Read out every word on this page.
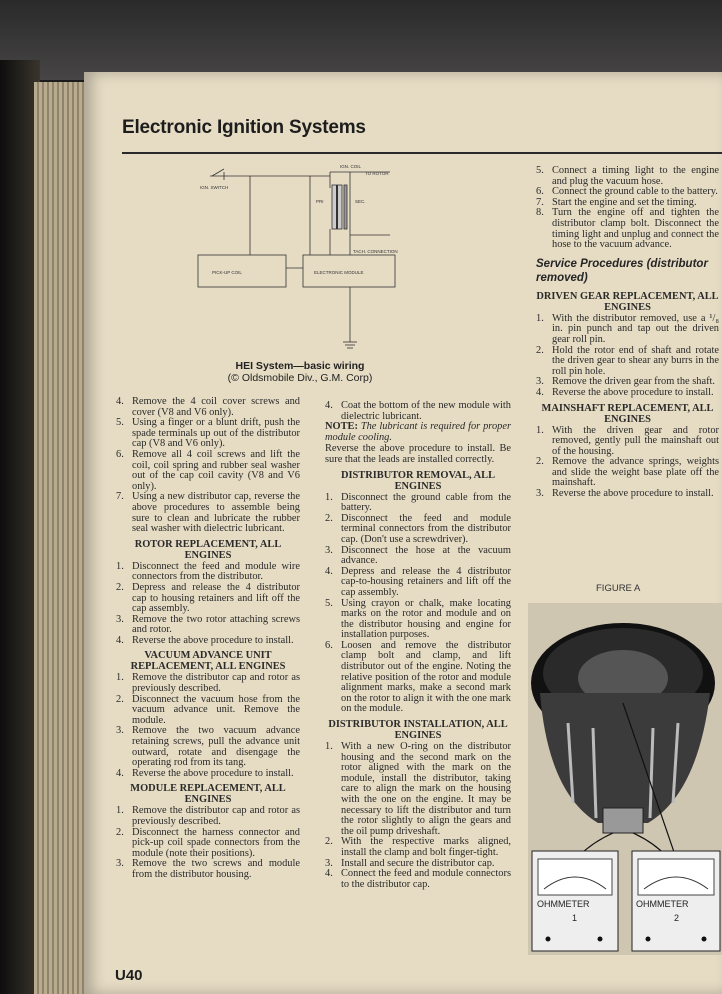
Electronic Ignition Systems
IGN. COIL
TO ROTOR
IGN. SWITCH
PRI	SEC.
TACH. CONNECTION
PICK-UP COIL	ELECTRONIC MODULE
HEI System—basic wiring
(© Oldsmobile Div., G.M. Corp)
4. Remove the 4 coil cover screws and cover (V8 and V6 only).
5. Using a finger or a blunt drift, push the spade terminals up out of the distributor cap (V8 and V6 only).
6. Remove all 4 coil screws and lift the coil, coil spring and rubber seal washer out of the cap coil cavity (V8 and V6 only).
7. Using a new distributor cap, reverse the above procedures to assemble being sure to clean and lubricate the rubber seal washer with dielectric lubricant.
ROTOR REPLACEMENT, ALL ENGINES
1. Disconnect the feed and module wire connectors from the distributor.
2. Depress and release the 4 distributor cap to housing retainers and lift off the cap assembly.
3. Remove the two rotor attaching screws and rotor.
4. Reverse the above procedure to install.
VACUUM ADVANCE UNIT REPLACEMENT, ALL ENGINES
1. Remove the distributor cap and rotor as previously described.
2. Disconnect the vacuum hose from the vacuum advance unit. Remove the module.
3. Remove the two vacuum advance retaining screws, pull the advance unit outward, rotate and disengage the operating rod from its tang.
4. Reverse the above procedure to install.
MODULE REPLACEMENT, ALL ENGINES
1. Remove the distributor cap and rotor as previously described.
2. Disconnect the harness connector and pick-up coil spade connectors from the module (note their positions).
3. Remove the two screws and module from the distributor housing.
4. Coat the bottom of the new module with dielectric lubricant.

NOTE: The lubricant is required for proper module cooling.

Reverse the above procedure to install. Be sure that the leads are installed correctly.

DISTRIBUTOR REMOVAL, ALL ENGINES
1. Disconnect the ground cable from the battery.
2. Disconnect the feed and module terminal connectors from the distributor cap. (Don't use a screwdriver).
3. Disconnect the hose at the vacuum advance.
4. Depress and release the 4 distributor cap-to-housing retainers and lift off the cap assembly.
5. Using crayon or chalk, make locating marks on the rotor and module and on the distributor housing and engine for installation purposes.
6. Loosen and remove the distributor clamp bolt and clamp, and lift distributor out of the engine. Noting the relative position of the rotor and module alignment marks, make a second mark on the rotor to align it with the one mark on the module.
DISTRIBUTOR INSTALLATION, ALL ENGINES
1. With a new O-ring on the distributor housing and the second mark on the rotor aligned with the mark on the module, install the distributor, taking care to align the mark on the housing with the one on the engine. It may be necessary to lift the distributor and turn the rotor slightly to align the gears and the oil pump driveshaft.
2. With the respective marks aligned, install the clamp and bolt finger-tight.
3. Install and secure the distributor cap.
4. Connect the feed and module connectors to the distributor cap.
5. Connect a timing light to the engine and plug the vacuum hose.
6. Connect the ground cable to the battery.
7. Start the engine and set the timing.
8. Turn the engine off and tighten the distributor clamp bolt. Disconnect the timing light and unplug and connect the hose to the vacuum advance.
Service Procedures (distributor removed)
DRIVEN GEAR REPLACEMENT, ALL ENGINES
1. With the distributor removed, use a ¹/₈ in. pin punch and tap out the driven gear roll pin.
2. Hold the rotor end of shaft and rotate the driven gear to shear any burrs in the roll pin hole.
3. Remove the driven gear from the shaft.
4. Reverse the above procedure to install.
MAINSHAFT REPLACEMENT, ALL ENGINES
1. With the driven gear and rotor removed, gently pull the mainshaft out of the housing.
2. Remove the advance springs, weights and slide the weight base plate off the mainshaft.
3. Reverse the above procedure to install.
FIGURE A
OHMMETER
1
OHMMETER
2
U40
